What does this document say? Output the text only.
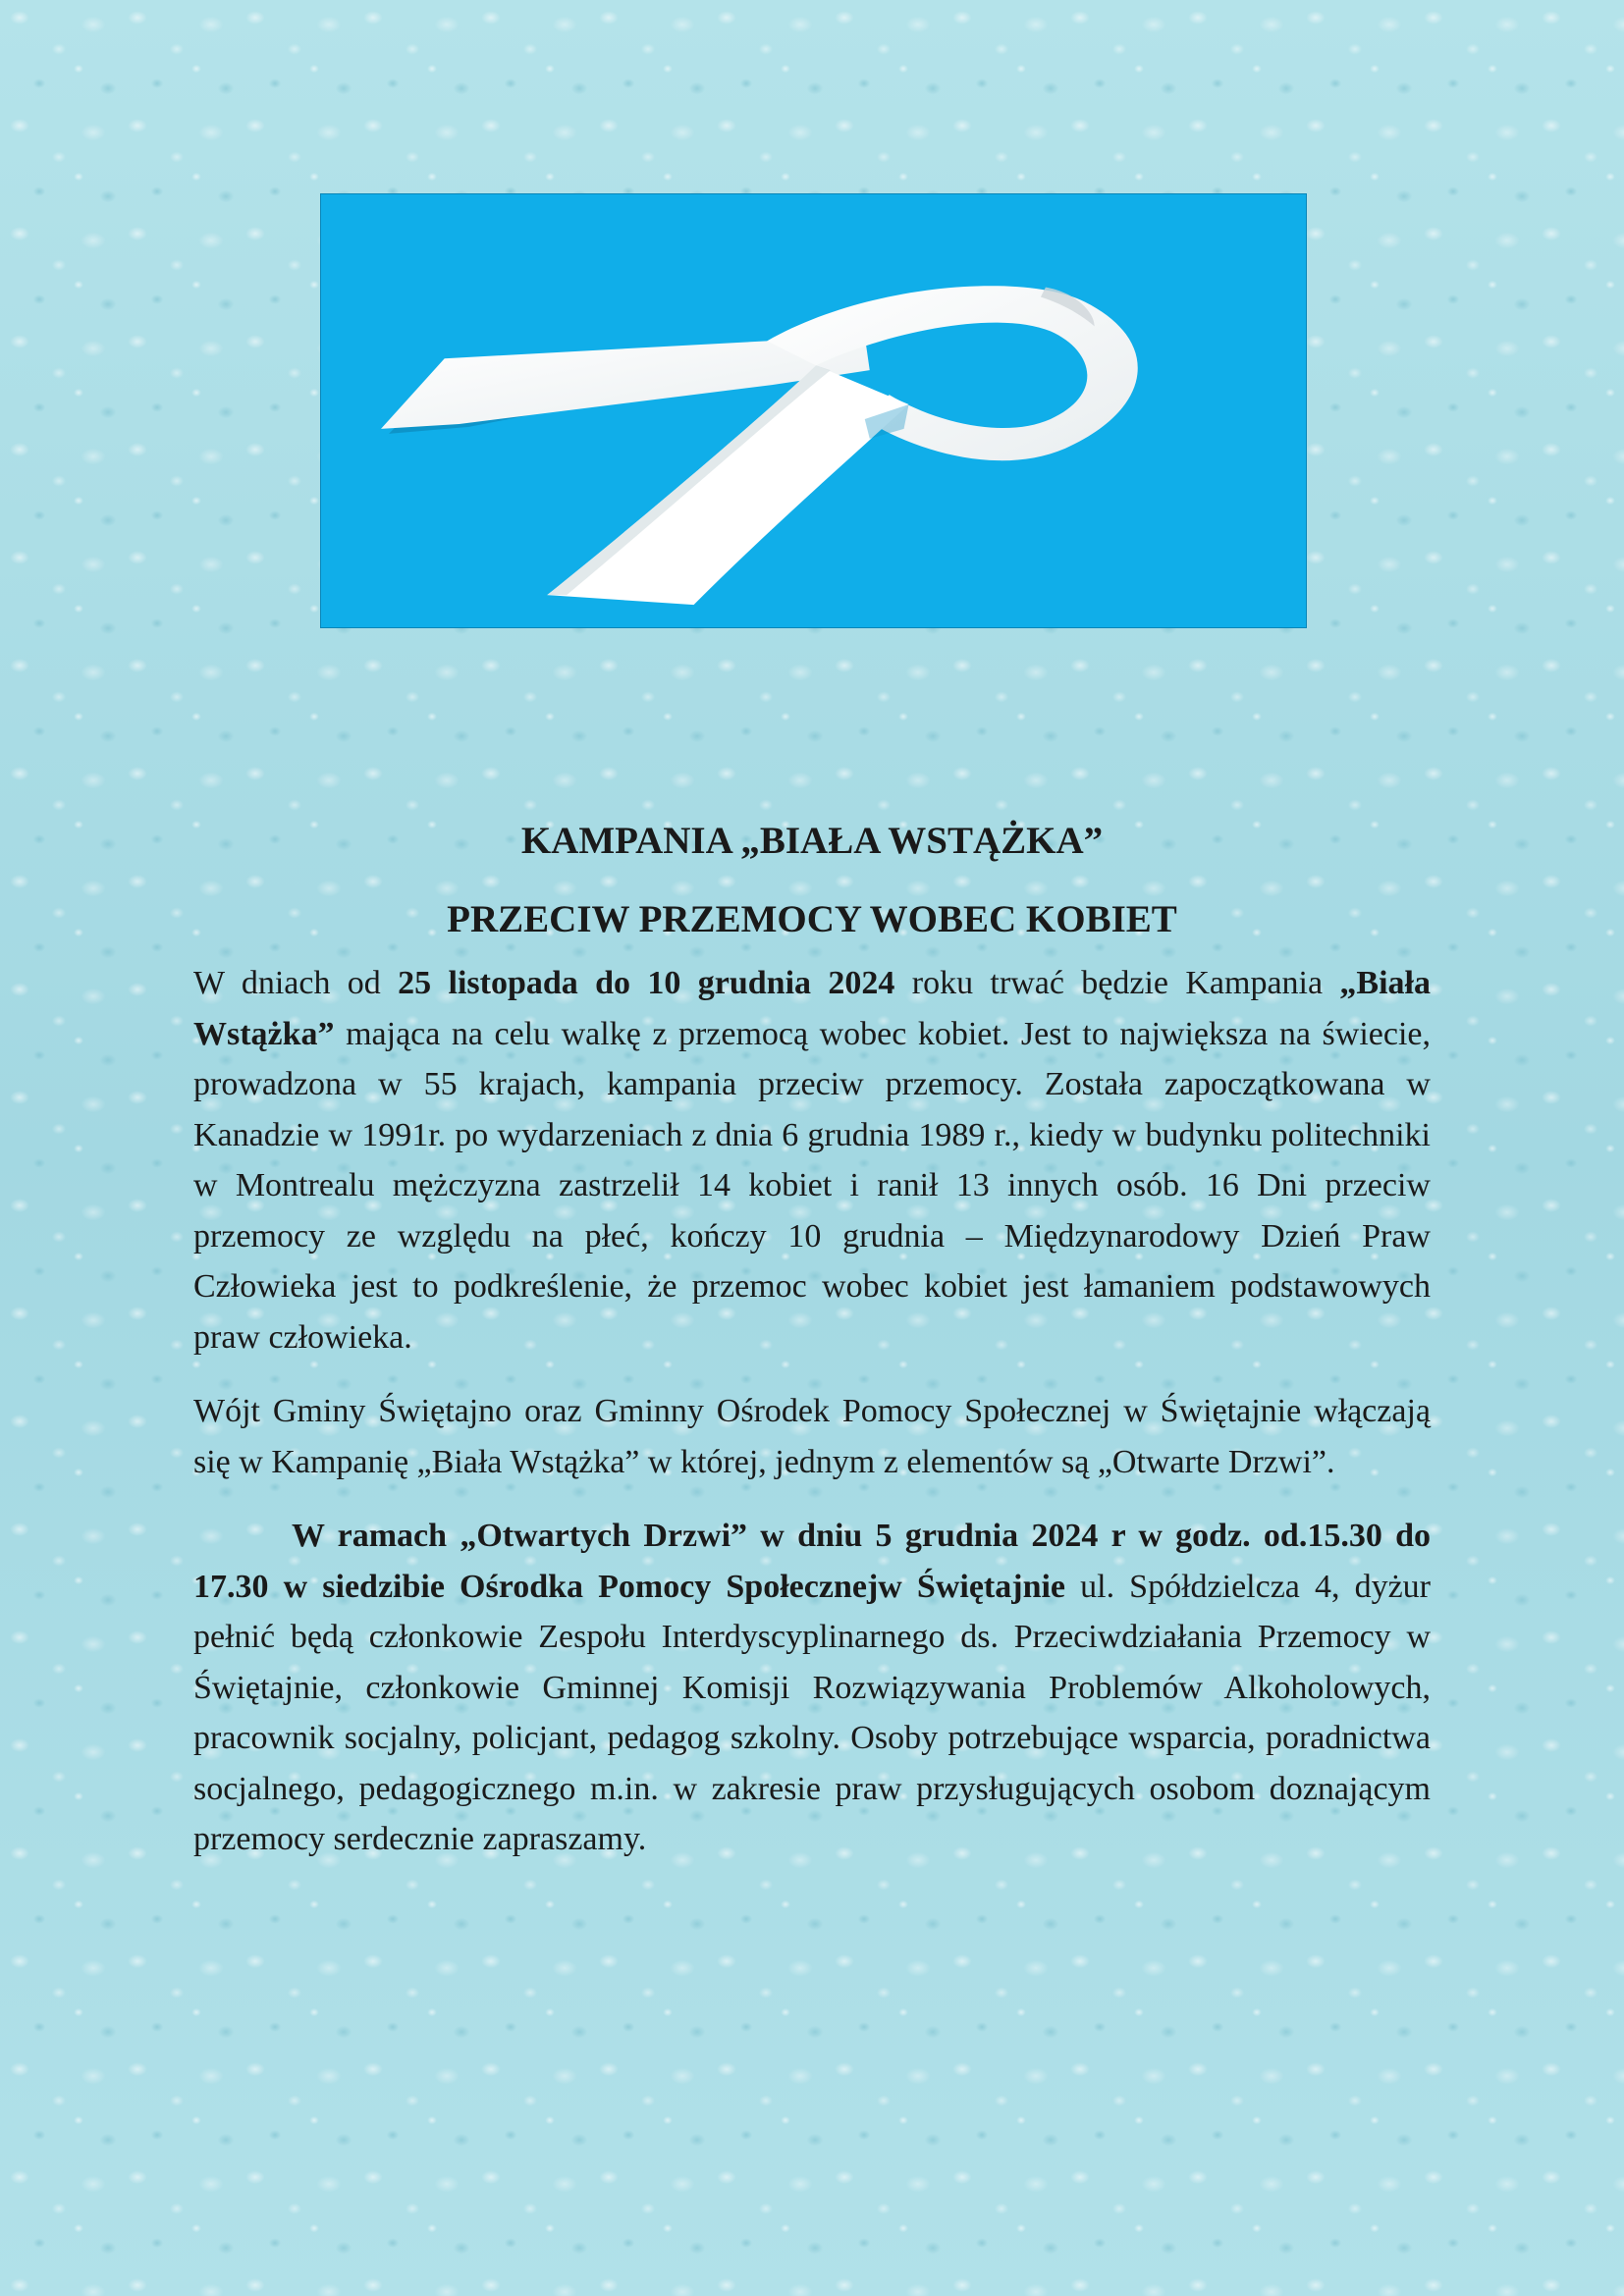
KAMPANIA „BIAŁA WSTĄŻKA”
PRZECIW PRZEMOCY WOBEC KOBIET

W dniach od 25 listopada do 10 grudnia 2024 roku trwać będzie Kampania „Biała Wstążka” mająca na celu walkę z przemocą wobec kobiet. Jest to największa na świecie, prowadzona w 55 krajach, kampania przeciw przemocy. Została zapoczątkowana w Kanadzie w 1991r. po wydarzeniach z dnia 6 grudnia 1989 r., kiedy w budynku politechniki w Montrealu mężczyzna zastrzelił 14 kobiet i ranił 13 innych osób. 16 Dni przeciw przemocy ze względu na płeć, kończy 10 grudnia – Międzynarodowy Dzień Praw Człowieka jest to podkreślenie, że przemoc wobec kobiet jest łamaniem podstawowych praw człowieka.

Wójt Gminy Świętajno oraz Gminny Ośrodek Pomocy Społecznej w Świętajnie włączają się w Kampanię „Biała Wstążka” w której, jednym z elementów są „Otwarte Drzwi”.

W ramach „Otwartych Drzwi” w dniu 5 grudnia 2024 r w godz. od.15.30 do 17.30 w siedzibie Ośrodka Pomocy Społecznejw Świętajnie ul. Spółdzielcza 4, dyżur pełnić będą członkowie Zespołu Interdyscyplinarnego ds. Przeciwdziałania Przemocy w Świętajnie, członkowie Gminnej Komisji Rozwiązywania Problemów Alkoholowych, pracownik socjalny, policjant, pedagog szkolny. Osoby potrzebujące wsparcia, poradnictwa socjalnego, pedagogicznego m.in. w zakresie praw przysługujących osobom doznającym przemocy serdecznie zapraszamy.
